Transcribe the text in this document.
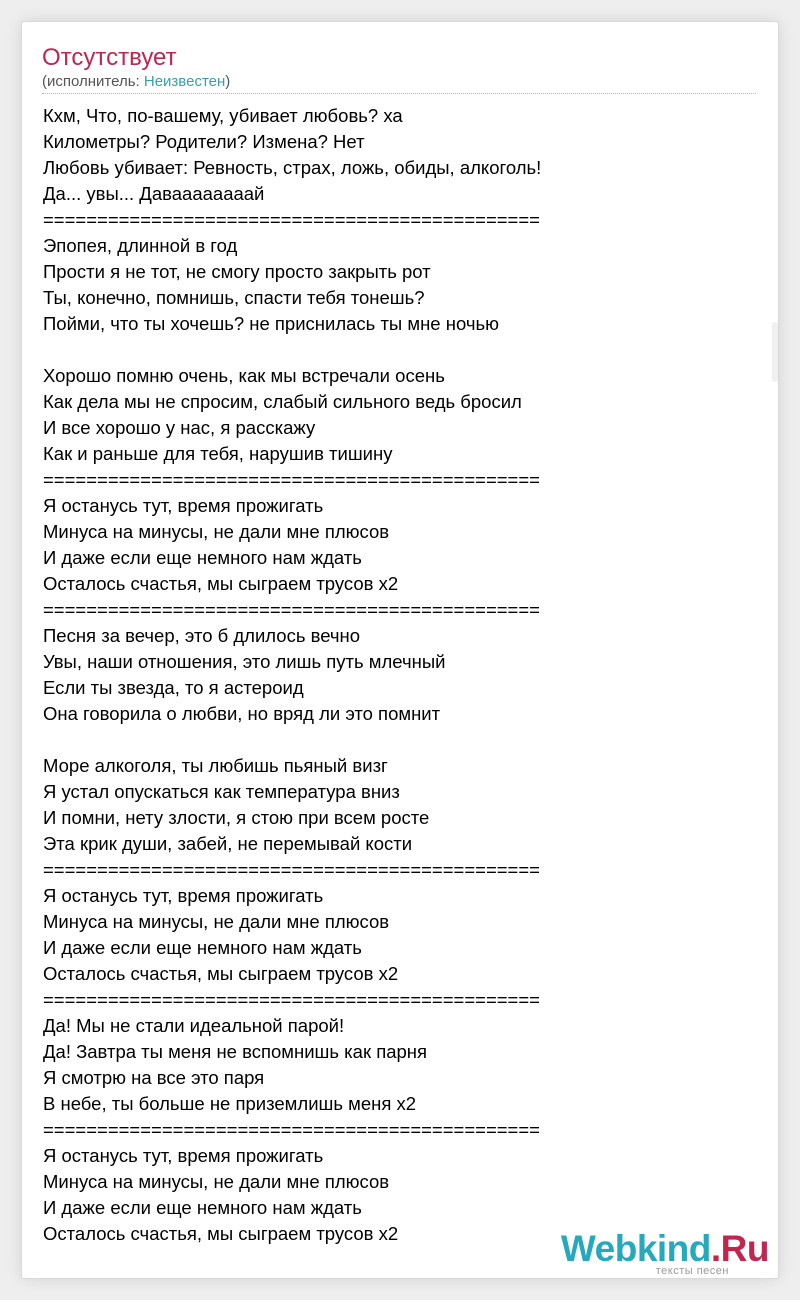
Отсутствует
(исполнитель: Неизвестен)
Кхм, Что, по-вашему, убивает любовь? ха
Километры? Родители? Измена? Нет
Любовь убивает: Ревность, страх, ложь, обиды, алкоголь!
Да... увы... Даваааааааай
==============================================
Эпопея, длинной в год
Прости я не тот, не смогу просто закрыть рот
Ты, конечно, помнишь, спасти тебя тонешь?
Пойми, что ты хочешь? не приснилась ты мне ночью
Хорошо помню очень, как мы встречали осень
Как дела мы не спросим, слабый сильного ведь бросил
И все хорошо у нас, я расскажу
Как и раньше для тебя, нарушив тишину
==============================================
Я останусь тут, время прожигать
Минуса на минусы, не дали мне плюсов
И даже если еще немного нам ждать
Осталось счастья, мы сыграем трусов х2
==============================================
Песня за вечер, это б длилось вечно
Увы, наши отношения, это лишь путь млечный
Если ты звезда, то я астероид
Она говорила о любви, но вряд ли это помнит
Море алкоголя, ты любишь пьяный визг
Я устал опускаться как температура вниз
И помни, нету злости, я стою при всем росте
Эта крик души, забей, не перемывай кости
==============================================
Я останусь тут, время прожигать
Минуса на минусы, не дали мне плюсов
И даже если еще немного нам ждать
Осталось счастья, мы сыграем трусов х2
==============================================
Да! Мы не стали идеальной парой!
Да! Завтра ты меня не вспомнишь как парня
Я смотрю на все это паря
В небе, ты больше не приземлишь меня х2
==============================================
Я останусь тут, время прожигать
Минуса на минусы, не дали мне плюсов
И даже если еще немного нам ждать
Осталось счастья, мы сыграем трусов х2	Webkind.Ru
тексты песен
